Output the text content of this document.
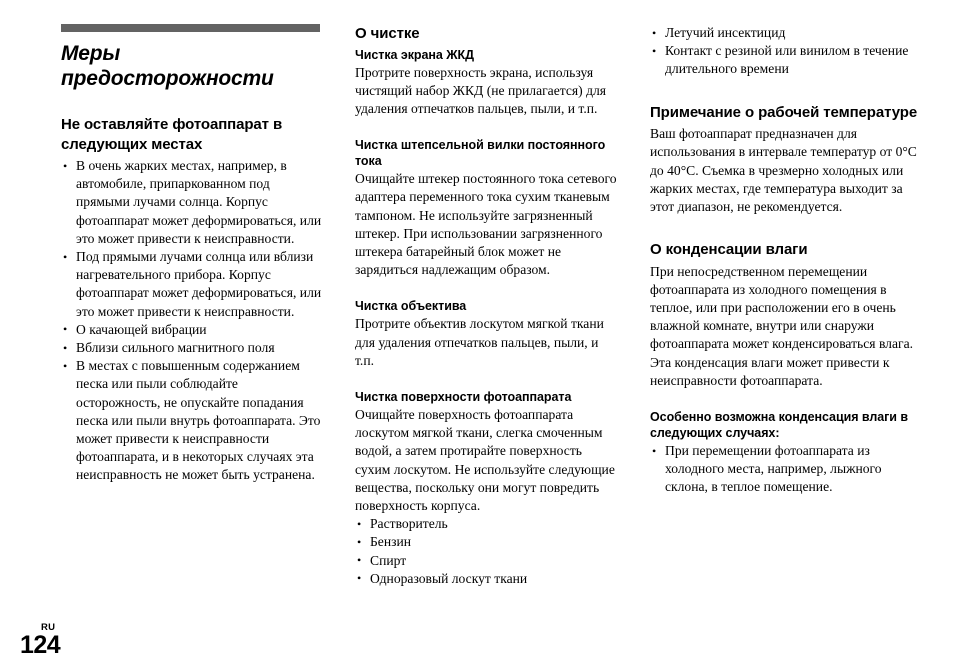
Меры предосторожности
Не оставляйте фотоаппарат в следующих местах
• В очень жарких местах, например, в автомобиле, припаркованном под прямыми лучами солнца. Корпус фотоаппарат может деформироваться, или это может привести к неисправности.
• Под прямыми лучами солнца или вблизи нагревательного прибора. Корпус фотоаппарат может деформироваться, или это может привести к неисправности.
• О качающей вибрации
• Вблизи сильного магнитного поля
• В местах с повышенным содержанием песка или пыли соблюдайте осторожность, не опускайте попадания песка или пыли внутрь фотоаппарата. Это может привести к неисправности фотоаппарата, и в некоторых случаях эта неисправность не может быть устранена.
О чистке
Чистка экрана ЖКД

Протрите поверхность экрана, используя чистящий набор ЖКД (не прилагается) для удаления отпечатков пальцев, пыли, и т.п.

Чистка штепсельной вилки постоянного тока

Очищайте штекер постоянного тока сетевого адаптера переменного тока сухим тканевым тампоном. Не используйте загрязненный штекер. При использовании загрязненного штекера батарейный блок может не зарядиться надлежащим образом.

Чистка объектива

Протрите объектив лоскутом мягкой ткани для удаления отпечатков пальцев, пыли, и т.п.

Чистка поверхности фотоаппарата

Очищайте поверхность фотоаппарата лоскутом мягкой ткани, слегка смоченным водой, а затем протирайте поверхность сухим лоскутом. Не используйте следующие вещества, поскольку они могут повредить поверхность корпуса.

• Растворитель
• Бензин
• Спирт
• Одноразовый лоскут ткани
• Летучий инсектицид
• Контакт с резиной или винилом в течение длительного времени
Примечание о рабочей температуре

Ваш фотоаппарат предназначен для использования в интервале температур от 0°C до 40°C. Съемка в чрезмерно холодных или жарких местах, где температура выходит за этот диапазон, не рекомендуется.

О конденсации влаги

При непосредственном перемещении фотоаппарата из холодного помещения в теплое, или при расположении его в очень влажной комнате, внутри или снаружи фотоаппарата может конденсироваться влага. Эта конденсация влаги может привести к неисправности фотоаппарата.

Особенно возможна конденсация влаги в следующих случаях:
• При перемещении фотоаппарата из холодного места, например, лыжного склона, в теплое помещение.
RU
124
